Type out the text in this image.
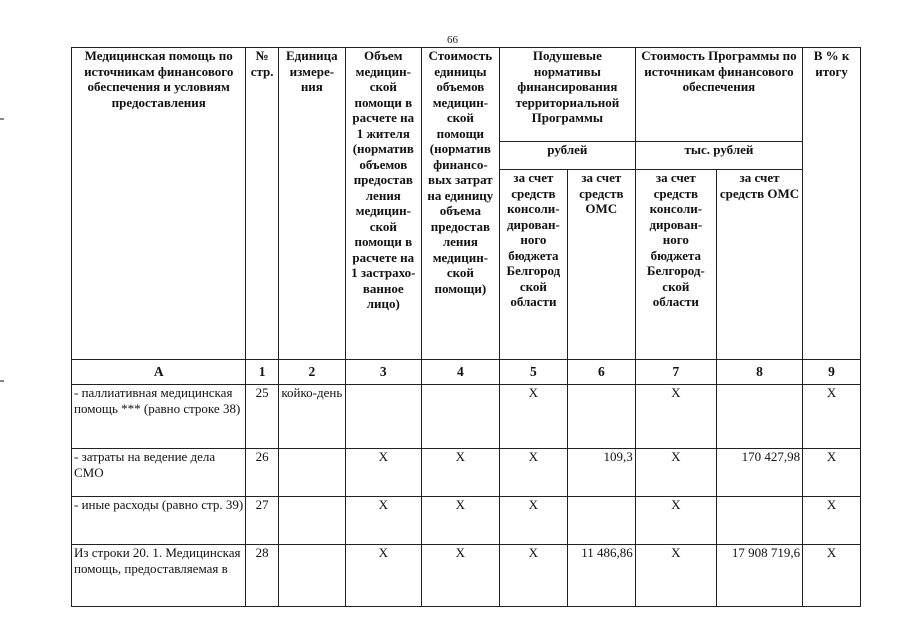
66
Медицинская помощь по источникам финансового обеспечения и условиям предоставления	№ стр.	Единица измере-ния	Объем медицин-ской помощи в расчете на 1 жителя (норматив объемов предостав ления медицин-ской помощи в расчете на 1 застрахо-ванное лицо)	Стоимость единицы объемов медицин-ской помощи (норматив финансо-вых затрат на единицу объема предостав ления медицин-ской помощи)	Подушевые нормативы финансирования территориальной Программы		Стоимость Программы по источникам финансового обеспечения		В % к итогу
					рублей		тыс. рублей		
					за счет средств консоли-дирован-ного бюджета Белгород ской области	за счет средств ОМС	за счет средств консоли-дирован-ного бюджета Белгород-ской области	за счет средств ОМС	
А	1	2	3	4	5	6	7	8	9
- паллиативная медицинская помощь *** (равно строке 38)	25	койко-день			Х		Х		Х
- затраты на ведение дела СМО	26		Х	Х	Х	109,3	Х	170 427,98	Х
- иные расходы (равно стр. 39)	27		Х	Х	Х		Х		Х
Из строки 20. 1. Медицинская помощь, предоставляемая в	28		Х	Х	Х	11 486,86	Х	17 908 719,6	Х
